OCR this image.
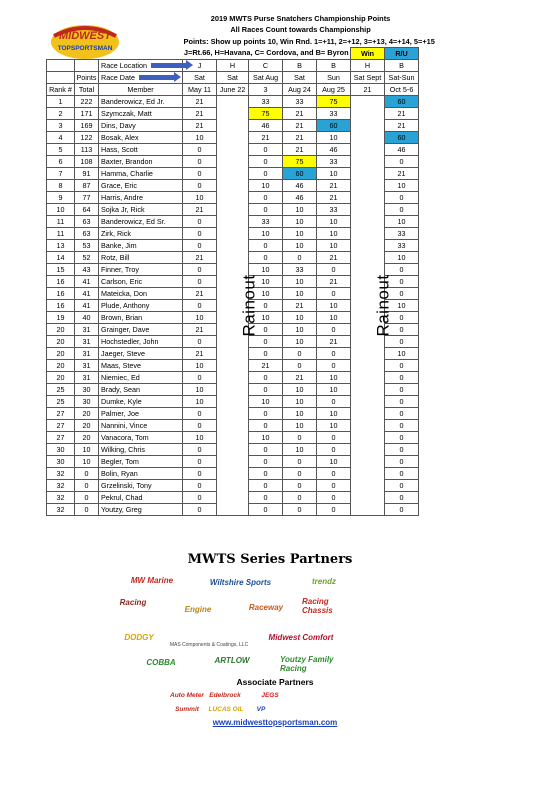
MIDWEST
TOPSPORTSMAN
			2019 MWTS Purse Snatchers Championship Points						
			All Races Count towards Championship						
			Points: Show up points 10, Win Rnd. 1=+11, 2=+12, 3=+13, 4=+14, 5=+15						
			J=Rt.66, H=Havana, C= Cordova, and B= Byron					Win	R/U
		Race Location	J	H	C	B	B	H	B
	Points	Race Date	Sat	Sat	Sat Aug	Sat	Sun	Sat Sept	Sat-Sun
Rank #	Total	Member	May 11	June 22	3	Aug 24	Aug 25	21	Oct 5-6
1	222	Banderowicz, Ed Jr.	21	Rainout	33	33	75	Rainout	60
2	171	Szymczak, Matt	21		75	21	33		21
3	169	Dins, Davy	21		46	21	60		21
4	122	Bosak, Alex	10		21	21	10		60
5	113	Hass, Scott	0		0	21	46		46
6	108	Baxter, Brandon	0		0	75	33		0
7	91	Hamma, Charlie	0		0	60	10		21
8	87	Grace, Eric	0		10	46	21		10
9	77	Harris, Andre	10		0	46	21		0
10	64	Sojka Jr, Rick	21		0	10	33		0
11	63	Banderowicz, Ed Sr.	0		33	10	10		10
11	63	Zirk, Rick	0		10	10	10		33
13	53	Banke, Jim	0		0	10	10		33
14	52	Rotz, Bill	21		0	0	21		10
15	43	Finner, Troy	0		10	33	0		0
16	41	Carlson, Eric	0		10	10	21		0
16	41	Mateicka, Don	21		10	10	0		0
16	41	Plude, Anthony	0		0	21	10		10
19	40	Brown, Brian	10		10	10	10		0
20	31	Grainger, Dave	21		0	10	0		0
20	31	Hochstedler, John	0		0	10	21		0
20	31	Jaeger, Steve	21		0	0	0		10
20	31	Maas, Steve	10		21	0	0		0
20	31	Niemiec, Ed	0		0	21	10		0
25	30	Brady, Sean	10		0	10	10		0
25	30	Dumke, Kyle	10		10	10	0		0
27	20	Palmer, Joe	0		0	10	10		0
27	20	Nannini, Vince	0		0	10	10		0
27	20	Vanacora, Tom	10		10	0	0		0
30	10	Wilking, Chris	0		0	10	0		0
30	10	Begler, Tom	0		0	0	10		0
32	0	Bolin, Ryan	0		0	0	0		0
32	0	Grzelinski, Tony	0		0	0	0		0
32	0	Pekrul, Chad	0		0	0	0		0
32	0	Youtzy, Greg	0		0	0	0		0
MWTS Series Partners
MW Marine	Wiltshire Sports	trendz
Racing
Engine	Raceway
Racing Chassis
DODGY
MAS Components & Coatings, LLC
Midwest Comfort
COBBA	ARTLOW	Youtzy Family Racing
Auto Meter Edelbrock	JEGS
Summit	LUCAS OIL	VP
Associate Partners
www.midwesttopsportsman.com
